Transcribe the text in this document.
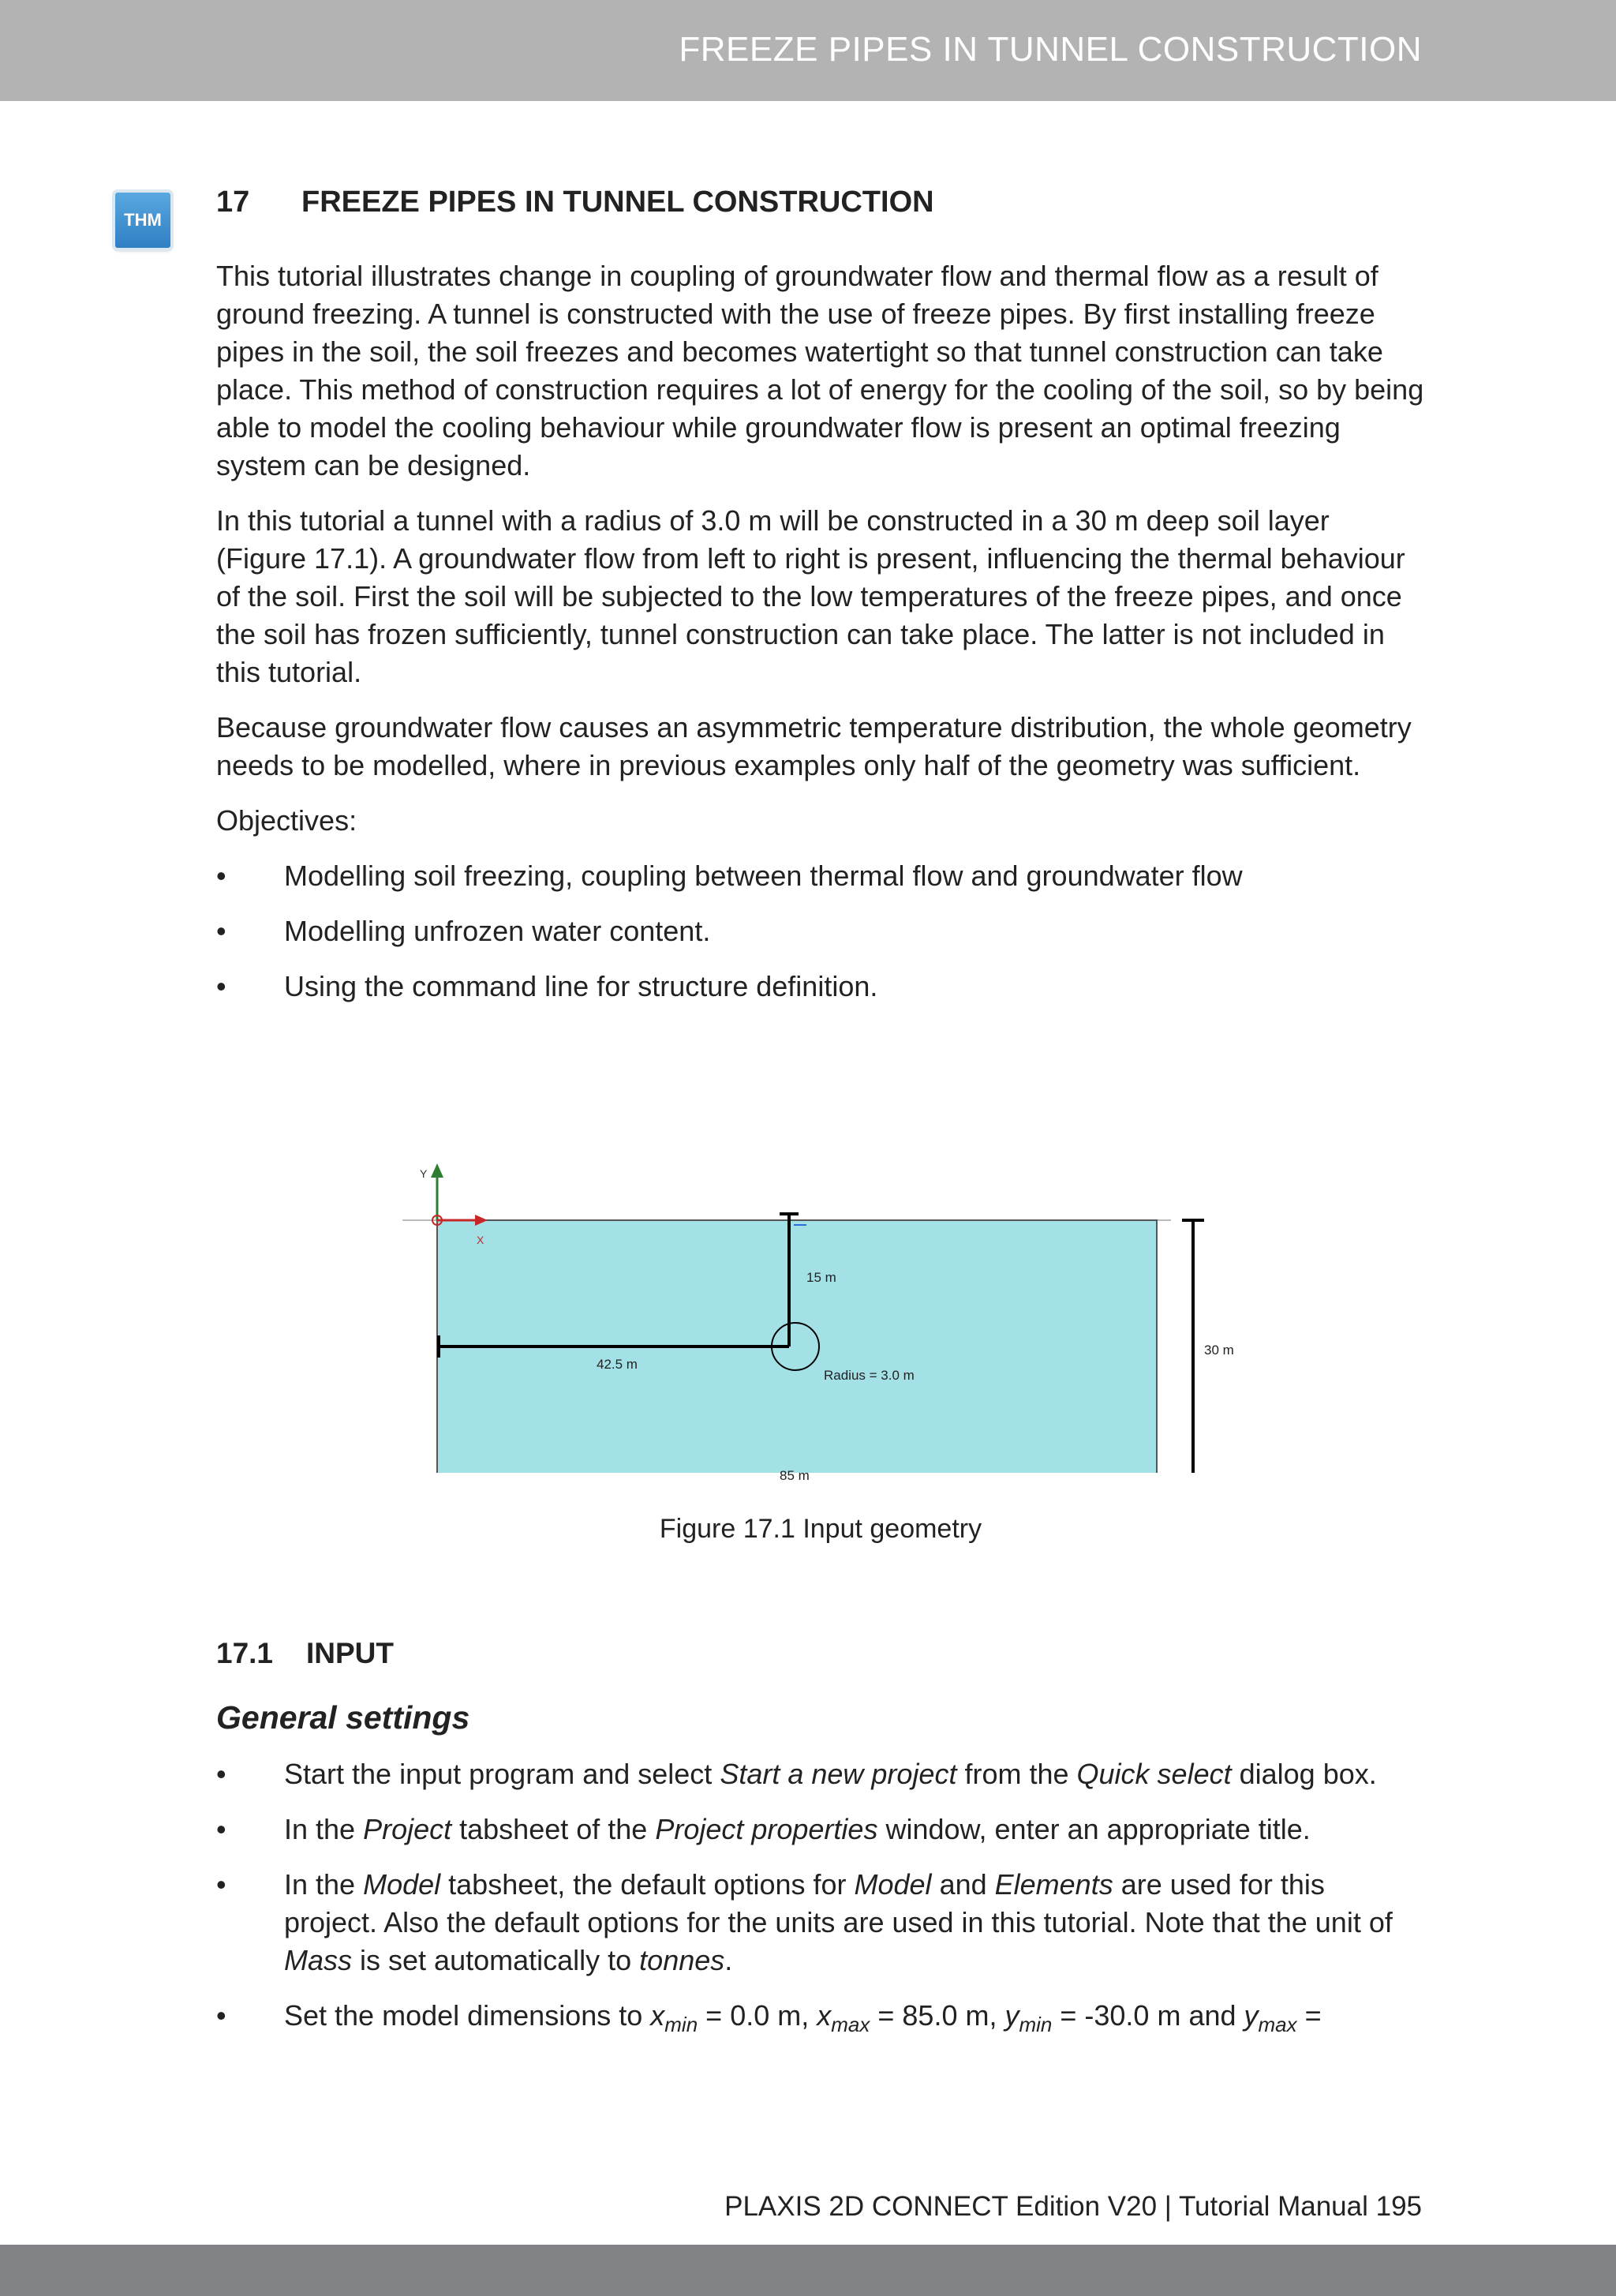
FREEZE PIPES IN TUNNEL CONSTRUCTION
THM
17	FREEZE PIPES IN TUNNEL CONSTRUCTION

This tutorial illustrates change in coupling of groundwater flow and thermal flow as a result of ground freezing. A tunnel is constructed with the use of freeze pipes. By first installing freeze pipes in the soil, the soil freezes and becomes watertight so that tunnel construction can take place. This method of construction requires a lot of energy for the cooling of the soil, so by being able to model the cooling behaviour while groundwater flow is present an optimal freezing system can be designed.

In this tutorial a tunnel with a radius of 3.0 m will be constructed in a 30 m deep soil layer (Figure 17.1). A groundwater flow from left to right is present, influencing the thermal behaviour of the soil. First the soil will be subjected to the low temperatures of the freeze pipes, and once the soil has frozen sufficiently, tunnel construction can take place. The latter is not included in this tutorial.

Because groundwater flow causes an asymmetric temperature distribution, the whole geometry needs to be modelled, where in previous examples only half of the geometry was sufficient.

Objectives:

• Modelling soil freezing, coupling between thermal flow and groundwater flow
• Modelling unfrozen water content.
• Using the command line for structure definition.
Y
X
15 m
42.5 m
Radius = 3.0 m
30 m
85 m

Figure 17.1 Input geometry

17.1	INPUT
General settings
• Start the input program and select Start a new project from the Quick select dialog box.
• In the Project tabsheet of the Project properties window, enter an appropriate title.
• In the Model tabsheet, the default options for Model and Elements are used for this project. Also the default options for the units are used in this tutorial. Note that the unit of Mass is set automatically to tonnes.
• Set the model dimensions to $x_{min} = 0.0$ m, $x_{max} = 85.0$ m, $y_{min} = -30.0$ m and $y_{max}$ =
PLAXIS 2D CONNECT Edition V20 | Tutorial Manual 195
